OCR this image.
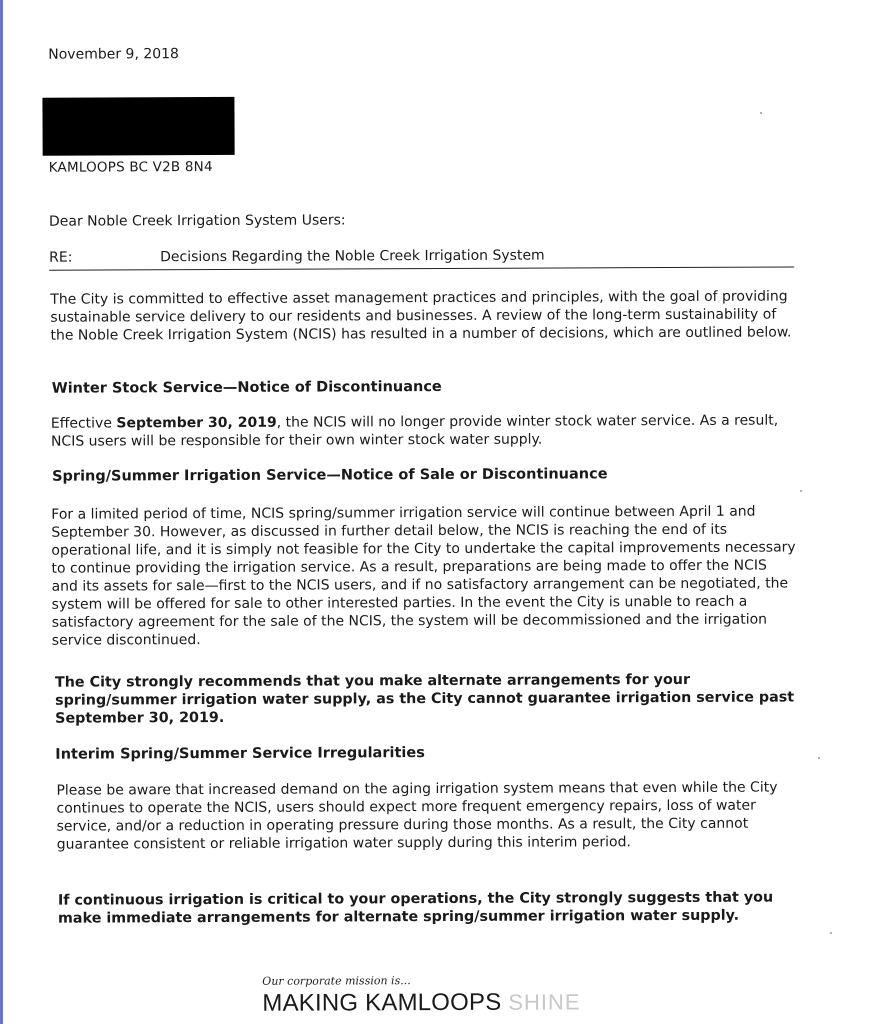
November 9, 2018
KAMLOOPS BC V2B 8N4
Dear Noble Creek Irrigation System Users:
RE:	Decisions Regarding the Noble Creek Irrigation System

The City is committed to effective asset management practices and principles, with the goal of providing sustainable service delivery to our residents and businesses. A review of the long-term sustainability of the Noble Creek Irrigation System (NCIS) has resulted in a number of decisions, which are outlined below.

Winter Stock Service—Notice of Discontinuance

Effective September 30, 2019, the NCIS will no longer provide winter stock water service. As a result, NCIS users will be responsible for their own winter stock water supply.

Spring/Summer Irrigation Service—Notice of Sale or Discontinuance

For a limited period of time, NCIS spring/summer irrigation service will continue between April 1 and September 30. However, as discussed in further detail below, the NCIS is reaching the end of its operational life, and it is simply not feasible for the City to undertake the capital improvements necessary to continue providing the irrigation service. As a result, preparations are being made to offer the NCIS and its assets for sale—first to the NCIS users, and if no satisfactory arrangement can be negotiated, the system will be offered for sale to other interested parties. In the event the City is unable to reach a satisfactory agreement for the sale of the NCIS, the system will be decommissioned and the irrigation service discontinued.

The City strongly recommends that you make alternate arrangements for your spring/summer irrigation water supply, as the City cannot guarantee irrigation service past September 30, 2019.

Interim Spring/Summer Service Irregularities

Please be aware that increased demand on the aging irrigation system means that even while the City continues to operate the NCIS, users should expect more frequent emergency repairs, loss of water service, and/or a reduction in operating pressure during those months. As a result, the City cannot guarantee consistent or reliable irrigation water supply during this interim period.

If continuous irrigation is critical to your operations, the City strongly suggests that you make immediate arrangements for alternate spring/summer irrigation water supply.

Our corporate mission is...
MAKING KAMLOOPS SHINE
